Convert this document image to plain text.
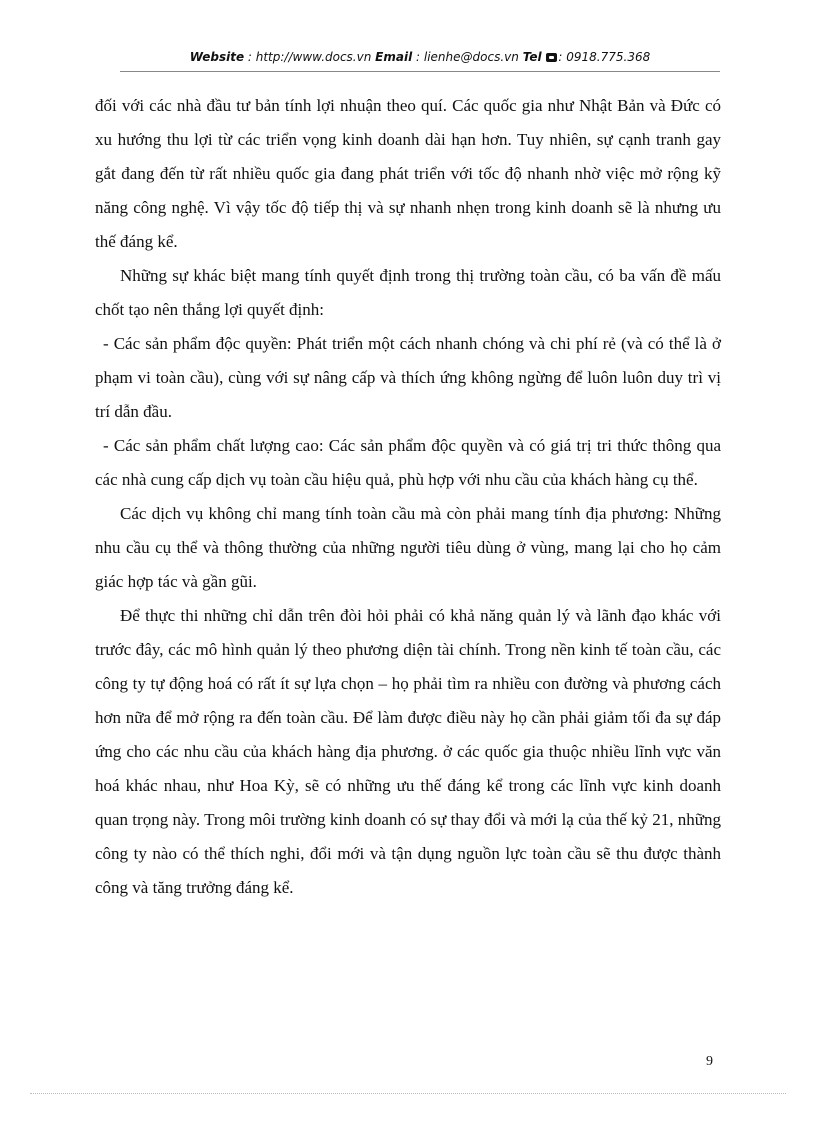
Website : http://www.docs.vn Email : lienhe@docs.vn Tel : 0918.775.368

đối với các nhà đầu tư bản tính lợi nhuận theo quí. Các quốc gia như Nhật Bản và Đức có xu hướng thu lợi từ các triển vọng kinh doanh dài hạn hơn. Tuy nhiên, sự cạnh tranh gay gắt đang đến từ rất nhiều quốc gia đang phát triển với tốc độ nhanh nhờ việc mở rộng kỹ năng công nghệ. Vì vậy tốc độ tiếp thị và sự nhanh nhẹn trong kinh doanh sẽ là nhưng ưu thế đáng kể.

Những sự khác biệt mang tính quyết định trong thị trường toàn cầu, có ba vấn đề mấu chốt tạo nên thắng lợi quyết định:

- Các sản phẩm độc quyền: Phát triển một cách nhanh chóng và chi phí rẻ (và có thể là ở phạm vi toàn cầu), cùng với sự nâng cấp và thích ứng không ngừng để luôn luôn duy trì vị trí dẫn đầu.

- Các sản phẩm chất lượng cao: Các sản phẩm độc quyền và có giá trị tri thức thông qua các nhà cung cấp dịch vụ toàn cầu hiệu quả, phù hợp với nhu cầu của khách hàng cụ thể.

Các dịch vụ không chỉ mang tính toàn cầu mà còn phải mang tính địa phương: Những nhu cầu cụ thể và thông thường của những người tiêu dùng ở vùng, mang lại cho họ cảm giác hợp tác và gần gũi.

Để thực thi những chỉ dẫn trên đòi hỏi phải có khả năng quản lý và lãnh đạo khác với trước đây, các mô hình quản lý theo phương diện tài chính. Trong nền kinh tế toàn cầu, các công ty tự động hoá có rất ít sự lựa chọn – họ phải tìm ra nhiều con đường và phương cách hơn nữa để mở rộng ra đến toàn cầu. Để làm được điều này họ cần phải giảm tối đa sự đáp ứng cho các nhu cầu của khách hàng địa phương. ở các quốc gia thuộc nhiều lĩnh vực văn hoá khác nhau, như Hoa Kỳ, sẽ có những ưu thế đáng kể trong các lĩnh vực kinh doanh quan trọng này. Trong môi trường kinh doanh có sự thay đổi và mới lạ của thế kỷ 21, những công ty nào có thể thích nghi, đổi mới và tận dụng nguồn lực toàn cầu sẽ thu được thành công và tăng trưởng đáng kể.

9
